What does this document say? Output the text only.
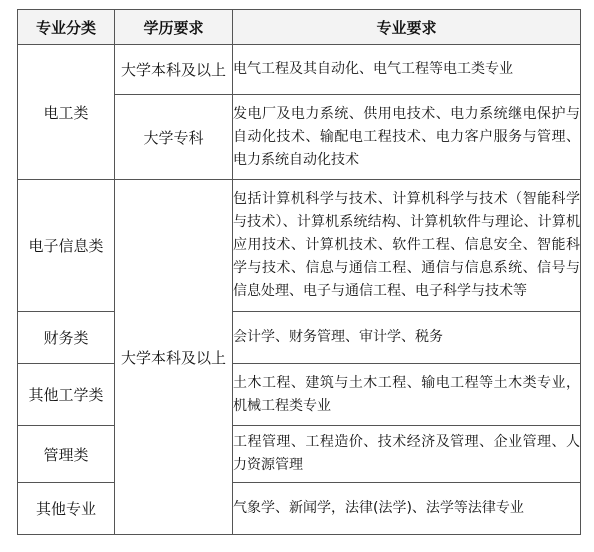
专业分类	学历要求	专业要求
电工类	大学本科及以上	电气工程及其自动化、电气工程等电工类专业
	大学专科	发电厂及电力系统、供用电技术、电力系统继电保护与自动化技术、输配电工程技术、电力客户服务与管理、电力系统自动化技术
电子信息类	大学本科及以上	包括计算机科学与技术、计算机科学与技术（智能科学与技术）、计算机系统结构、计算机软件与理论、计算机应用技术、计算机技术、软件工程、信息安全、智能科学与技术、信息与通信工程、通信与信息系统、信号与信息处理、电子与通信工程、电子科学与技术等
财务类		会计学、财务管理、审计学、税务
其他工学类		土木工程、建筑与土木工程、输电工程等土木类专业，机械工程类专业
管理类		工程管理、工程造价、技术经济及管理、企业管理、人力资源管理
其他专业		气象学、新闻学，法律(法学)、法学等法律专业
